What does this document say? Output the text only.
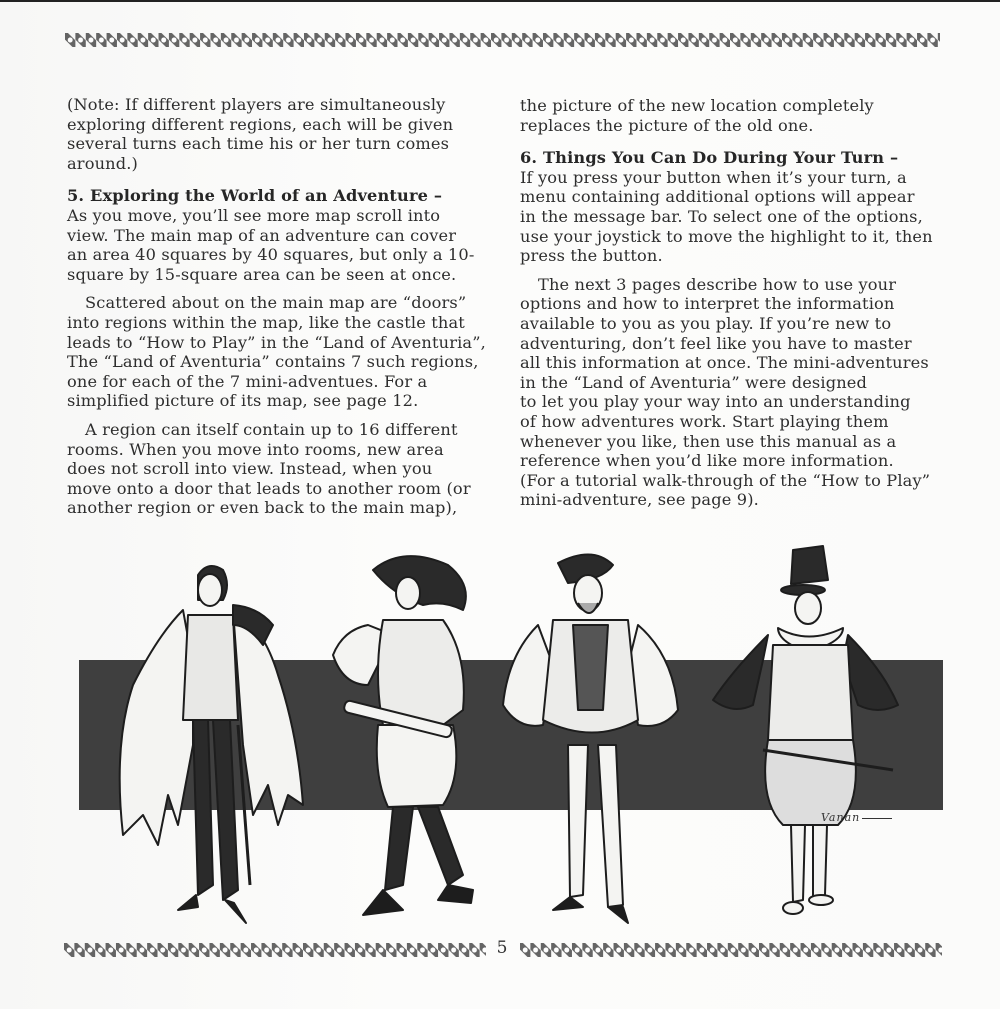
(Note: If different players are simultaneously
exploring different regions, each will be given
several turns each time his or her turn comes
around.)

5. Exploring the World of an Adventure –
As you move, you’ll see more map scroll into
view. The main map of an adventure can cover
an area 40 squares by 40 squares, but only a 10-
square by 15-square area can be seen at once.

Scattered about on the main map are “doors”
into regions within the map, like the castle that
leads to “How to Play” in the “Land of Aventuria”,
The “Land of Aventuria” contains 7 such regions,
one for each of the 7 mini-adventues. For a
simplified picture of its map, see page 12.

A region can itself contain up to 16 different
rooms. When you move into rooms, new area
does not scroll into view. Instead, when you
move onto a door that leads to another room (or
another region or even back to the main map),

the picture of the new location completely
replaces the picture of the old one.

6. Things You Can Do During Your Turn –
If you press your button when it’s your turn, a
menu containing additional options will appear
in the message bar. To select one of the options,
use your joystick to move the highlight to it, then
press the button.

The next 3 pages describe how to use your
options and how to interpret the information
available to you as you play. If you’re new to
adventuring, don’t feel like you have to master
all this information at once. The mini-adventures
in the “Land of Aventuria” were designed
to let you play your way into an understanding
of how adventures work. Start playing them
whenever you like, then use this manual as a
reference when you’d like more information.
(For a tutorial walk-through of the “How to Play”
mini-adventure, see page 9).

Vanan
5
